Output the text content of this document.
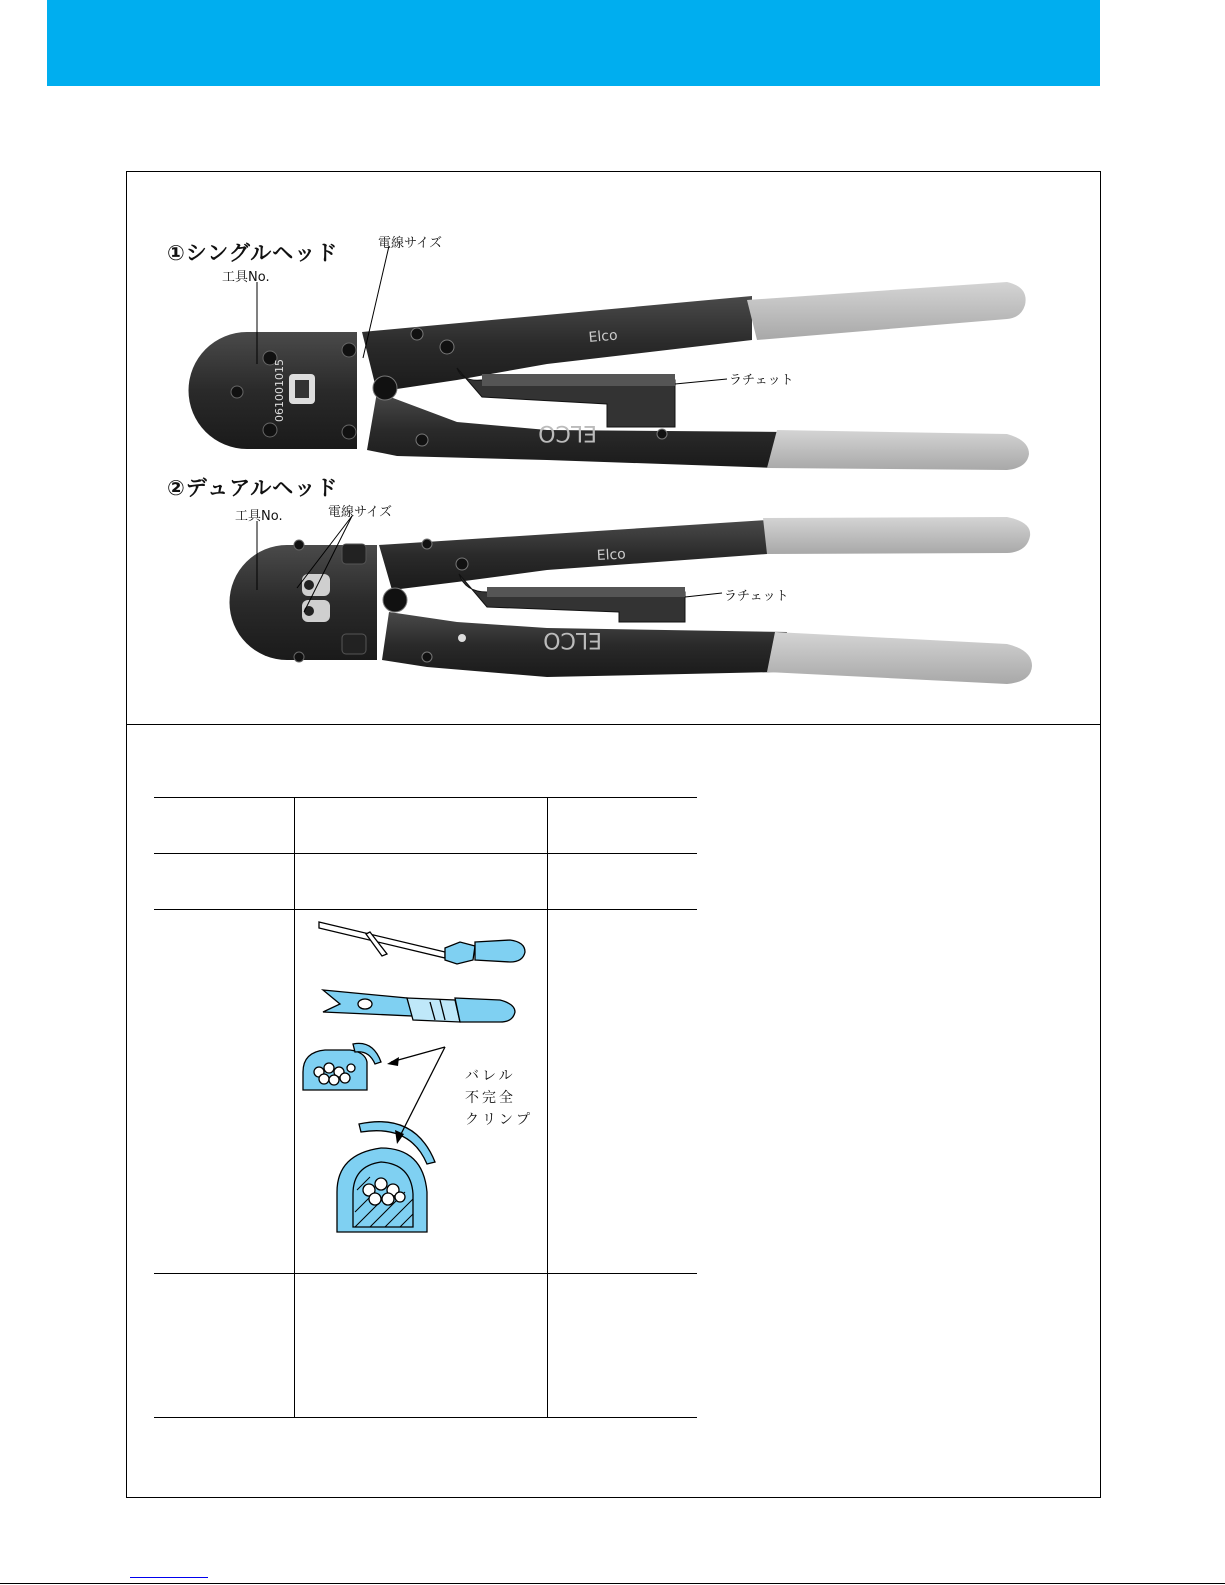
Elco
ELCO
Elco
ELCO
061001015
①シングルヘッド
工具No.
電線サイズ
ラチェット
②デュアルヘッド
工具No.	電線サイズ
ラチェット
バレル
不完全
クリンプ
